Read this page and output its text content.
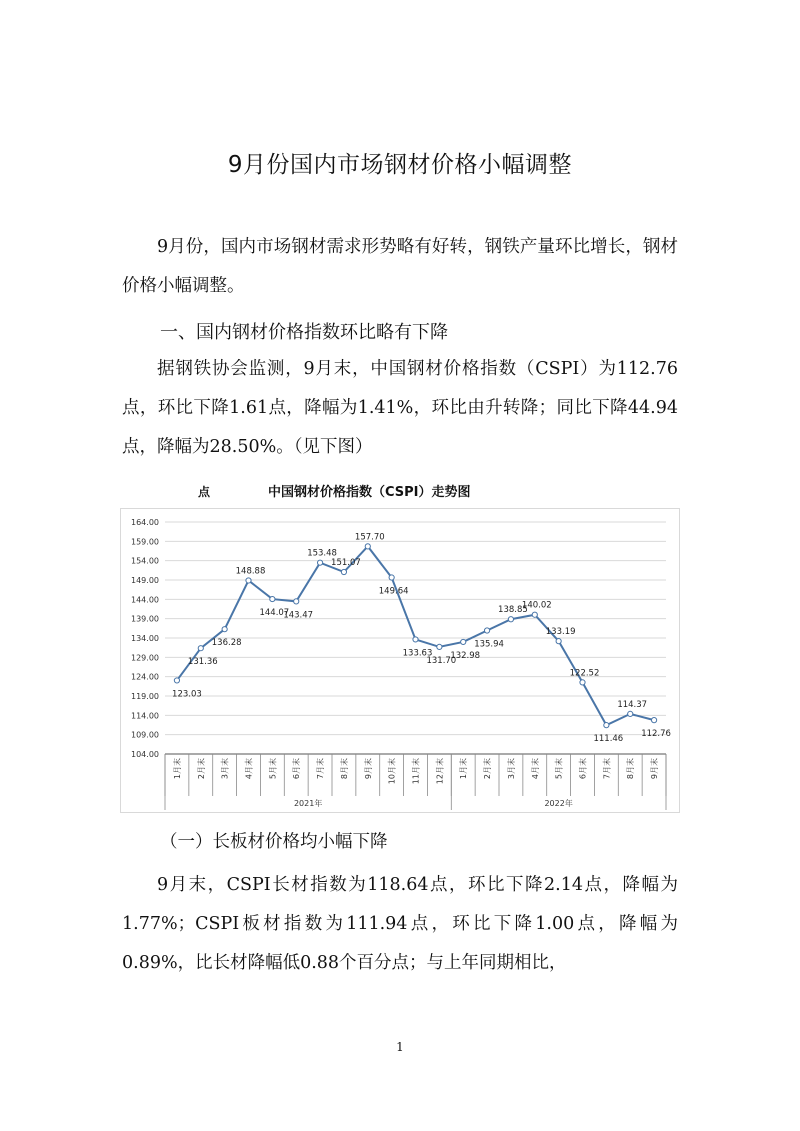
9月份国内市场钢材价格小幅调整

9月份，国内市场钢材需求形势略有好转，钢铁产量环比增长，钢材价格小幅调整。

一、国内钢材价格指数环比略有下降

据钢铁协会监测，9月末，中国钢材价格指数（CSPI）为112.76点，环比下降1.61点，降幅为1.41%，环比由升转降；同比下降44.94点，降幅为28.50%。（见下图）

点	中国钢材价格指数（CSPI）走势图
104.00
109.00
114.00
119.00
124.00
129.00
134.00
139.00
144.00
149.00
154.00
159.00
164.00
123.03
131.36
136.28
148.88
144.07
143.47
153.48
151.07
157.70
149.64
133.63
131.70
132.98
135.94
138.85
140.02
133.19
122.52
111.46
114.37
112.76
1月末 2月末 3月末 4月末 5月末 6月末 7月末 8月末 9月末 10月末 11月末 12月末 1月末 2月末 3月末 4月末 5月末 6月末 7月末 8月末 9月末
2021年	2022年
（一）长板材价格均小幅下降

9月末，CSPI长材指数为118.64点，环比下降2.14点，降幅为1.77%；CSPI板材指数为111.94点，环比下降1.00点，降幅为0.89%，比长材降幅低0.88个百分点；与上年同期相比，

1
